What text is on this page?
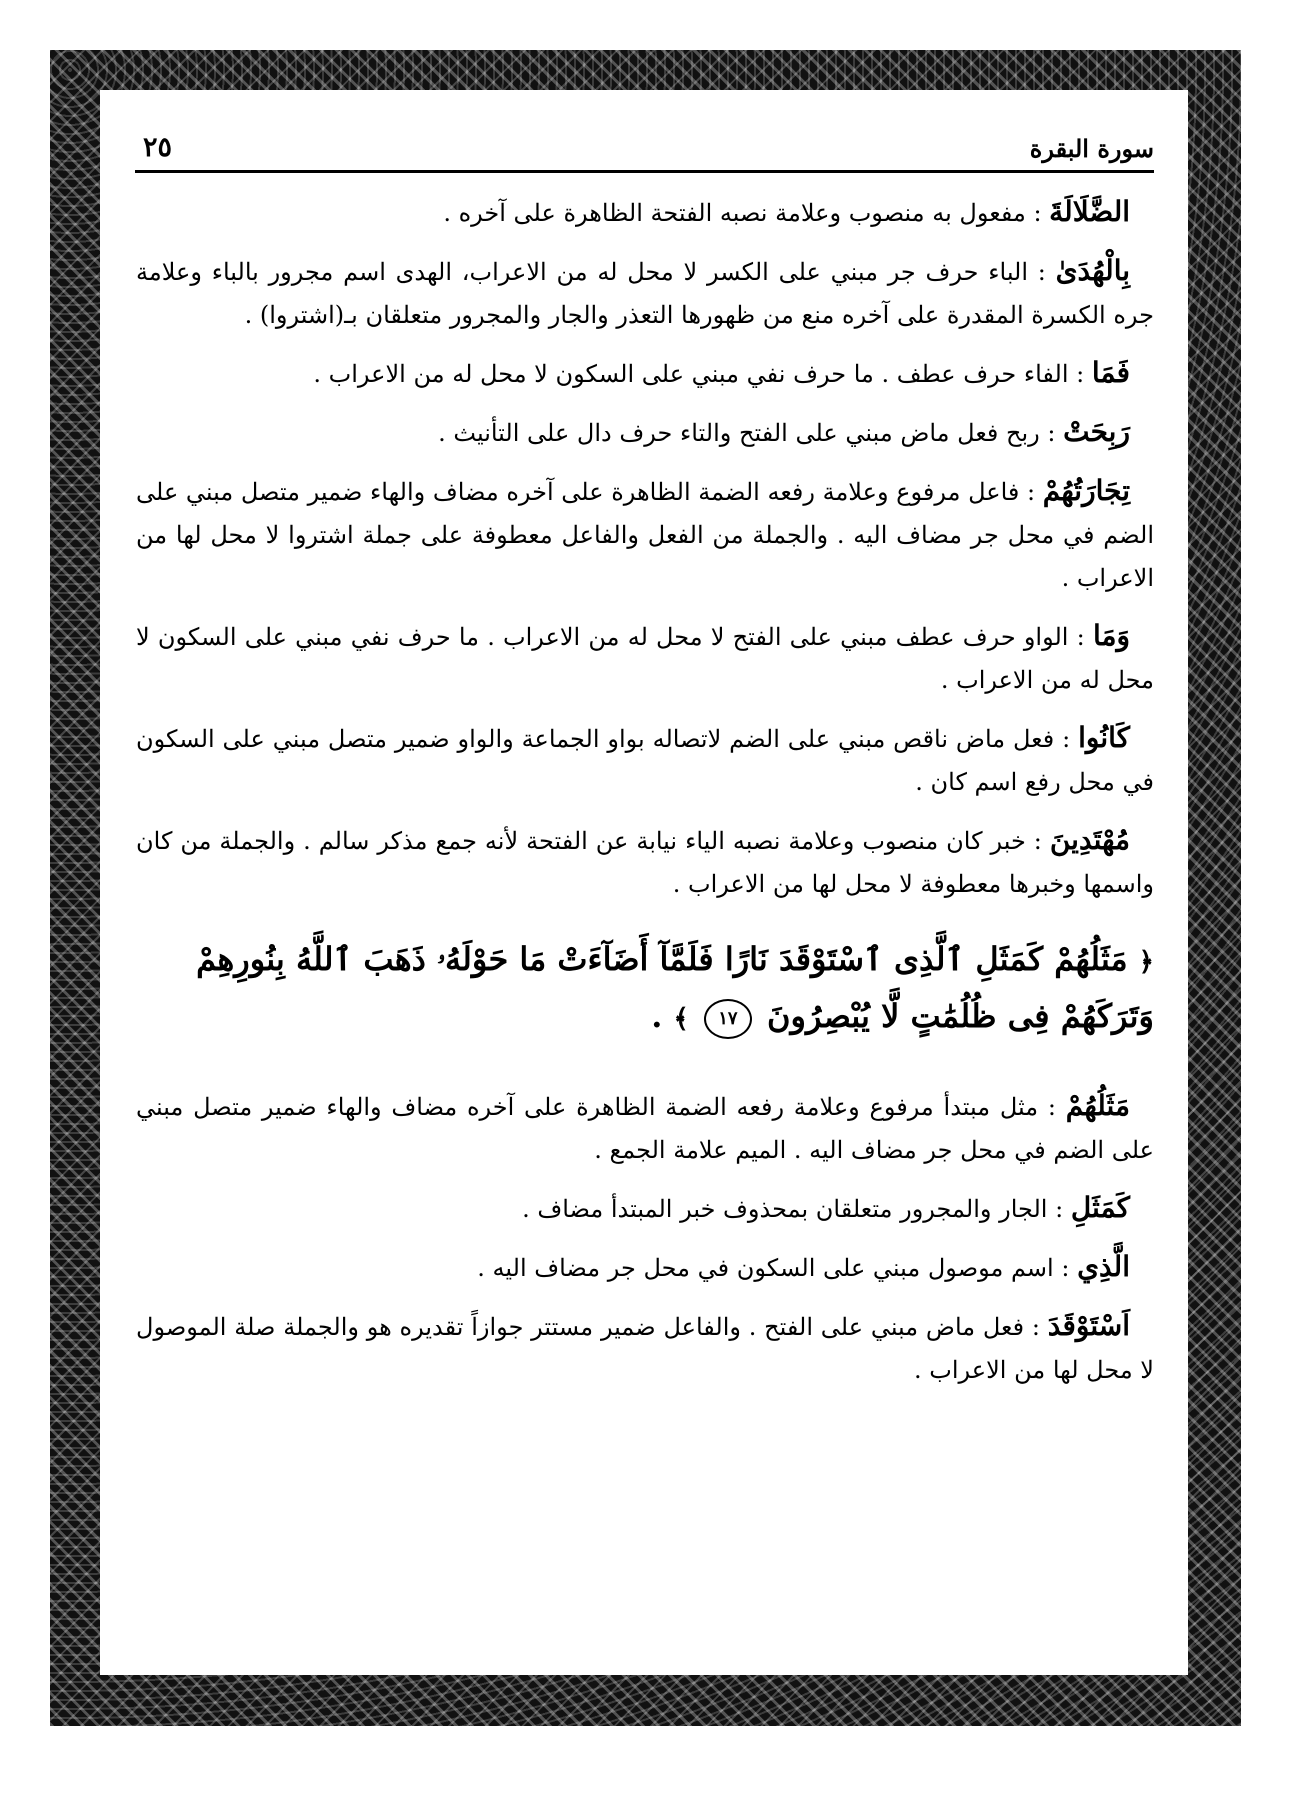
٢٥	سورة البقرة

الضَّلَالَةَ : مفعول به منصوب وعلامة نصبه الفتحة الظاهرة على آخره .

بِالْهُدَىٰ : الباء حرف جر مبني على الكسر لا محل له من الاعراب، الهدى اسم مجرور بالباء وعلامة جره الكسرة المقدرة على آخره منع من ظهورها التعذر والجار والمجرور متعلقان بـ(اشتروا) .

فَمَا : الفاء حرف عطف . ما حرف نفي مبني على السكون لا محل له من الاعراب .

رَبِحَتْ : ربح فعل ماض مبني على الفتح والتاء حرف دال على التأنيث .

تِجَارَتُهُمْ : فاعل مرفوع وعلامة رفعه الضمة الظاهرة على آخره مضاف والهاء ضمير متصل مبني على الضم في محل جر مضاف اليه . والجملة من الفعل والفاعل معطوفة على جملة اشتروا لا محل لها من الاعراب .

وَمَا : الواو حرف عطف مبني على الفتح لا محل له من الاعراب . ما حرف نفي مبني على السكون لا محل له من الاعراب .

كَانُوا : فعل ماض ناقص مبني على الضم لاتصاله بواو الجماعة والواو ضمير متصل مبني على السكون في محل رفع اسم كان .

مُهْتَدِينَ : خبر كان منصوب وعلامة نصبه الياء نيابة عن الفتحة لأنه جمع مذكر سالم . والجملة من كان واسمها وخبرها معطوفة لا محل لها من الاعراب .

﴿ مَثَلُهُمْ كَمَثَلِ ٱلَّذِى ٱسْتَوْقَدَ نَارًا فَلَمَّآ أَضَآءَتْ مَا حَوْلَهُۥ ذَهَبَ ٱللَّهُ بِنُورِهِمْ وَتَرَكَهُمْ فِى ظُلُمَٰتٍ لَّا يُبْصِرُونَ ١٧ ﴾ .

مَثَلُهُمْ : مثل مبتدأ مرفوع وعلامة رفعه الضمة الظاهرة على آخره مضاف والهاء ضمير متصل مبني على الضم في محل جر مضاف اليه . الميم علامة الجمع .

كَمَثَلِ : الجار والمجرور متعلقان بمحذوف خبر المبتدأ مضاف .

الَّذِي : اسم موصول مبني على السكون في محل جر مضاف اليه .

اَسْتَوْقَدَ : فعل ماض مبني على الفتح . والفاعل ضمير مستتر جوازاً تقديره هو والجملة صلة الموصول لا محل لها من الاعراب .
